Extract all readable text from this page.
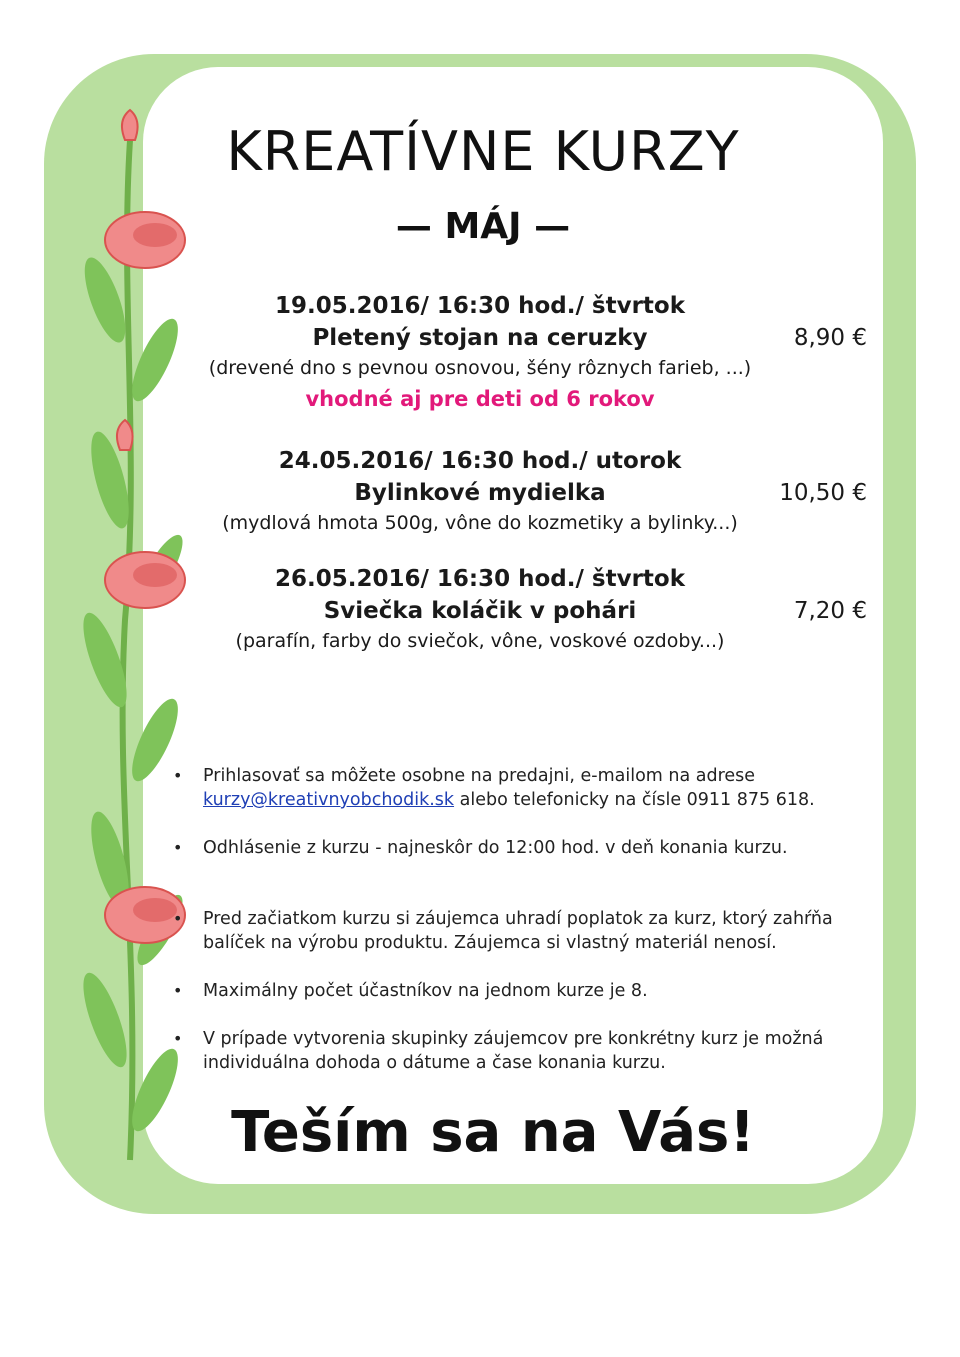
KREATÍVNE KURZY
— MÁJ —
19.05.2016/ 16:30 hod./ štvrtok
Pletený stojan na ceruzky	8,90 €
(drevené dno s pevnou osnovou, šény rôznych farieb, ...)
vhodné aj pre deti od 6 rokov
24.05.2016/ 16:30 hod./ utorok
Bylinkové mydielka	10,50 €
(mydlová hmota 500g, vône do kozmetiky a bylinky...)
26.05.2016/ 16:30 hod./ štvrtok
Sviečka koláčik v pohári	7,20 €
(parafín, farby do sviečok, vône, voskové ozdoby...)
• Prihlasovať sa môžete osobne na predajni, e-mailom na adrese kurzy@kreativnyobchodik.sk alebo telefonicky na čísle 0911 875 618.
• Odhlásenie z kurzu - najneskôr do 12:00 hod. v deň konania kurzu.
• Pred začiatkom kurzu si záujemca uhradí poplatok za kurz, ktorý zahŕňa balíček na výrobu produktu. Záujemca si vlastný materiál nenosí.
• Maximálny počet účastníkov na jednom kurze je 8.
• V prípade vytvorenia skupinky záujemcov pre konkrétny kurz je možná individuálna dohoda o dátume a čase konania kurzu.
Teším sa na Vás!
